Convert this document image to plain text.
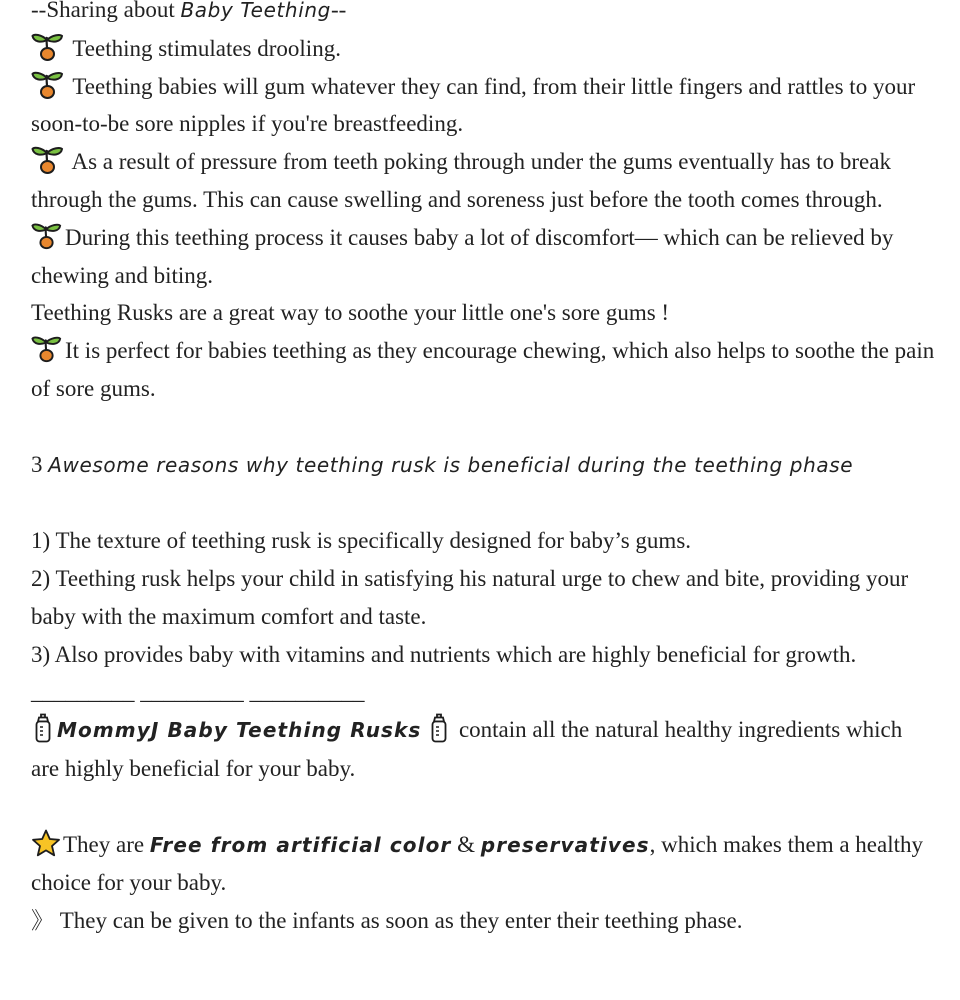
--Sharing about Baby Teething--
Teething stimulates drooling.
Teething babies will gum whatever they can find, from their little fingers and rattles to your soon-to-be sore nipples if you're breastfeeding.
As a result of pressure from teeth poking through under the gums eventually has to break through the gums. This can cause swelling and soreness just before the tooth comes through.
During this teething process it causes baby a lot of discomfort— which can be relieved by chewing and biting.
Teething Rusks are a great way to soothe your little one's sore gums !
It is perfect for babies teething as they encourage chewing, which also helps to soothe the pain of sore gums.
3 Awesome reasons why teething rusk is beneficial during the teething phase
1) The texture of teething rusk is specifically designed for baby’s gums.
2) Teething rusk helps your child in satisfying his natural urge to chew and bite, providing your baby with the maximum comfort and taste.
3) Also provides baby with vitamins and nutrients which are highly beneficial for growth.
_________ _________ __________
MommyJ Baby Teething Rusks  contain all the natural healthy ingredients which are highly beneficial for your baby.
They are Free from artificial color & preservatives, which makes them a healthy choice for your baby.
》 They can be given to the infants as soon as they enter their teething phase.
